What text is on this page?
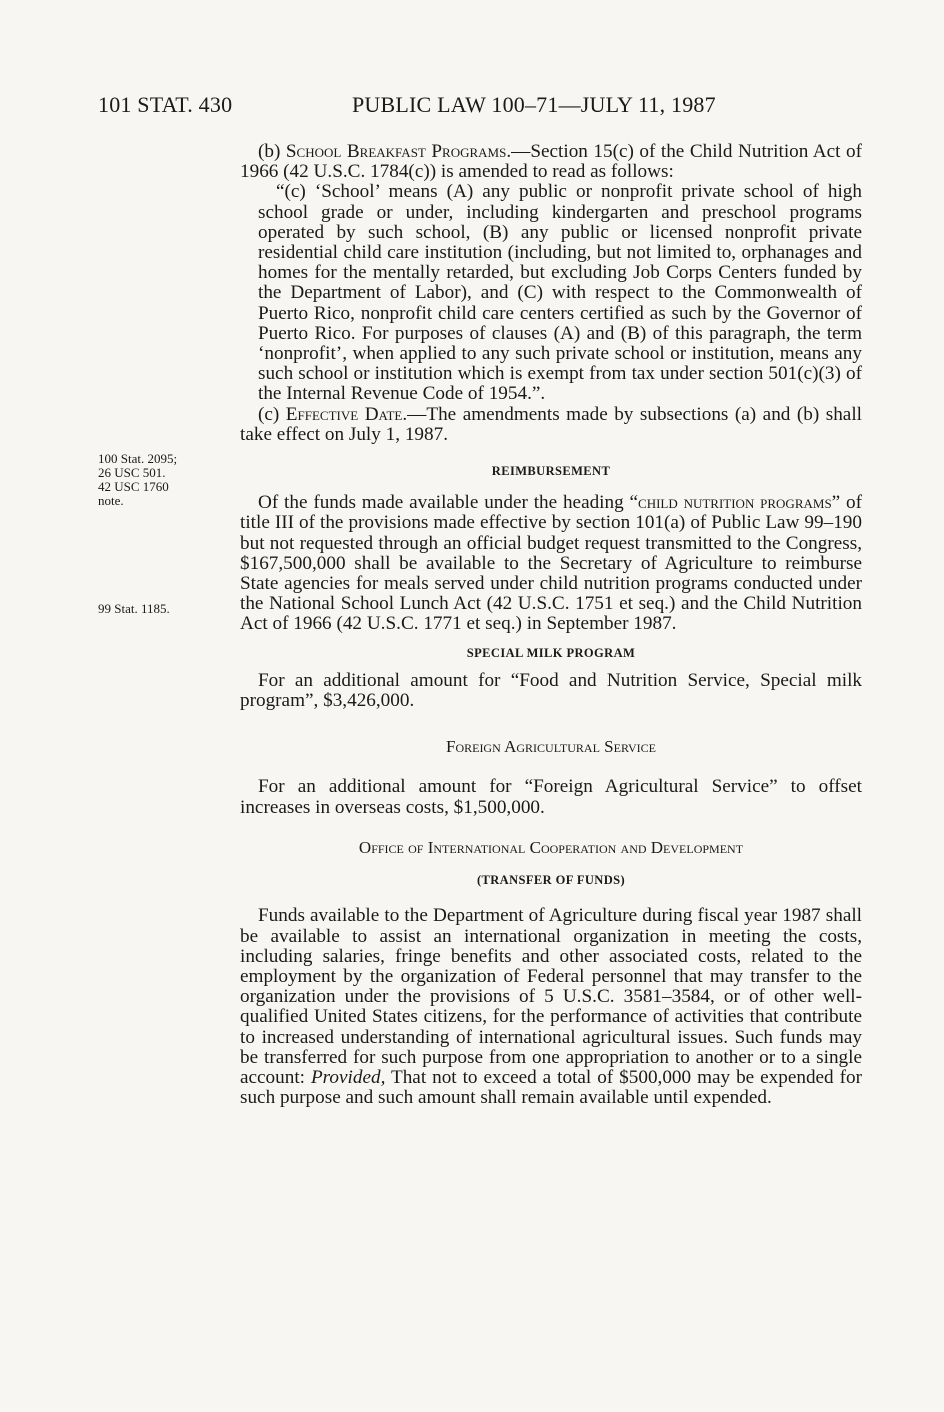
101 STAT. 430	PUBLIC LAW 100–71—JULY 11, 1987
100 Stat. 2095;
26 USC 501.
42 USC 1760
note.
99 Stat. 1185.

(b) School Breakfast Programs.—Section 15(c) of the Child Nutrition Act of 1966 (42 U.S.C. 1784(c)) is amended to read as follows:

“(c) ‘School’ means (A) any public or nonprofit private school of high school grade or under, including kindergarten and preschool programs operated by such school, (B) any public or licensed nonprofit private residential child care institution (including, but not limited to, orphanages and homes for the mentally retarded, but excluding Job Corps Centers funded by the Department of Labor), and (C) with respect to the Commonwealth of Puerto Rico, nonprofit child care centers certified as such by the Governor of Puerto Rico. For purposes of clauses (A) and (B) of this paragraph, the term ‘nonprofit’, when applied to any such private school or institution, means any such school or institution which is exempt from tax under section 501(c)(3) of the Internal Revenue Code of 1954.”.

(c) Effective Date.—The amendments made by subsections (a) and (b) shall take effect on July 1, 1987.

REIMBURSEMENT

Of the funds made available under the heading “child nutrition programs” of title III of the provisions made effective by section 101(a) of Public Law 99–190 but not requested through an official budget request transmitted to the Congress, $167,500,000 shall be available to the Secretary of Agriculture to reimburse State agencies for meals served under child nutrition programs conducted under the National School Lunch Act (42 U.S.C. 1751 et seq.) and the Child Nutrition Act of 1966 (42 U.S.C. 1771 et seq.) in September 1987.

SPECIAL MILK PROGRAM

For an additional amount for “Food and Nutrition Service, Special milk program”, $3,426,000.

Foreign Agricultural Service

For an additional amount for “Foreign Agricultural Service” to offset increases in overseas costs, $1,500,000.

Office of International Cooperation and Development

(TRANSFER OF FUNDS)

Funds available to the Department of Agriculture during fiscal year 1987 shall be available to assist an international organization in meeting the costs, including salaries, fringe benefits and other associated costs, related to the employment by the organization of Federal personnel that may transfer to the organization under the provisions of 5 U.S.C. 3581–3584, or of other well-qualified United States citizens, for the performance of activities that contribute to increased understanding of international agricultural issues. Such funds may be transferred for such purpose from one appropriation to another or to a single account: Provided, That not to exceed a total of $500,000 may be expended for such purpose and such amount shall remain available until expended.
